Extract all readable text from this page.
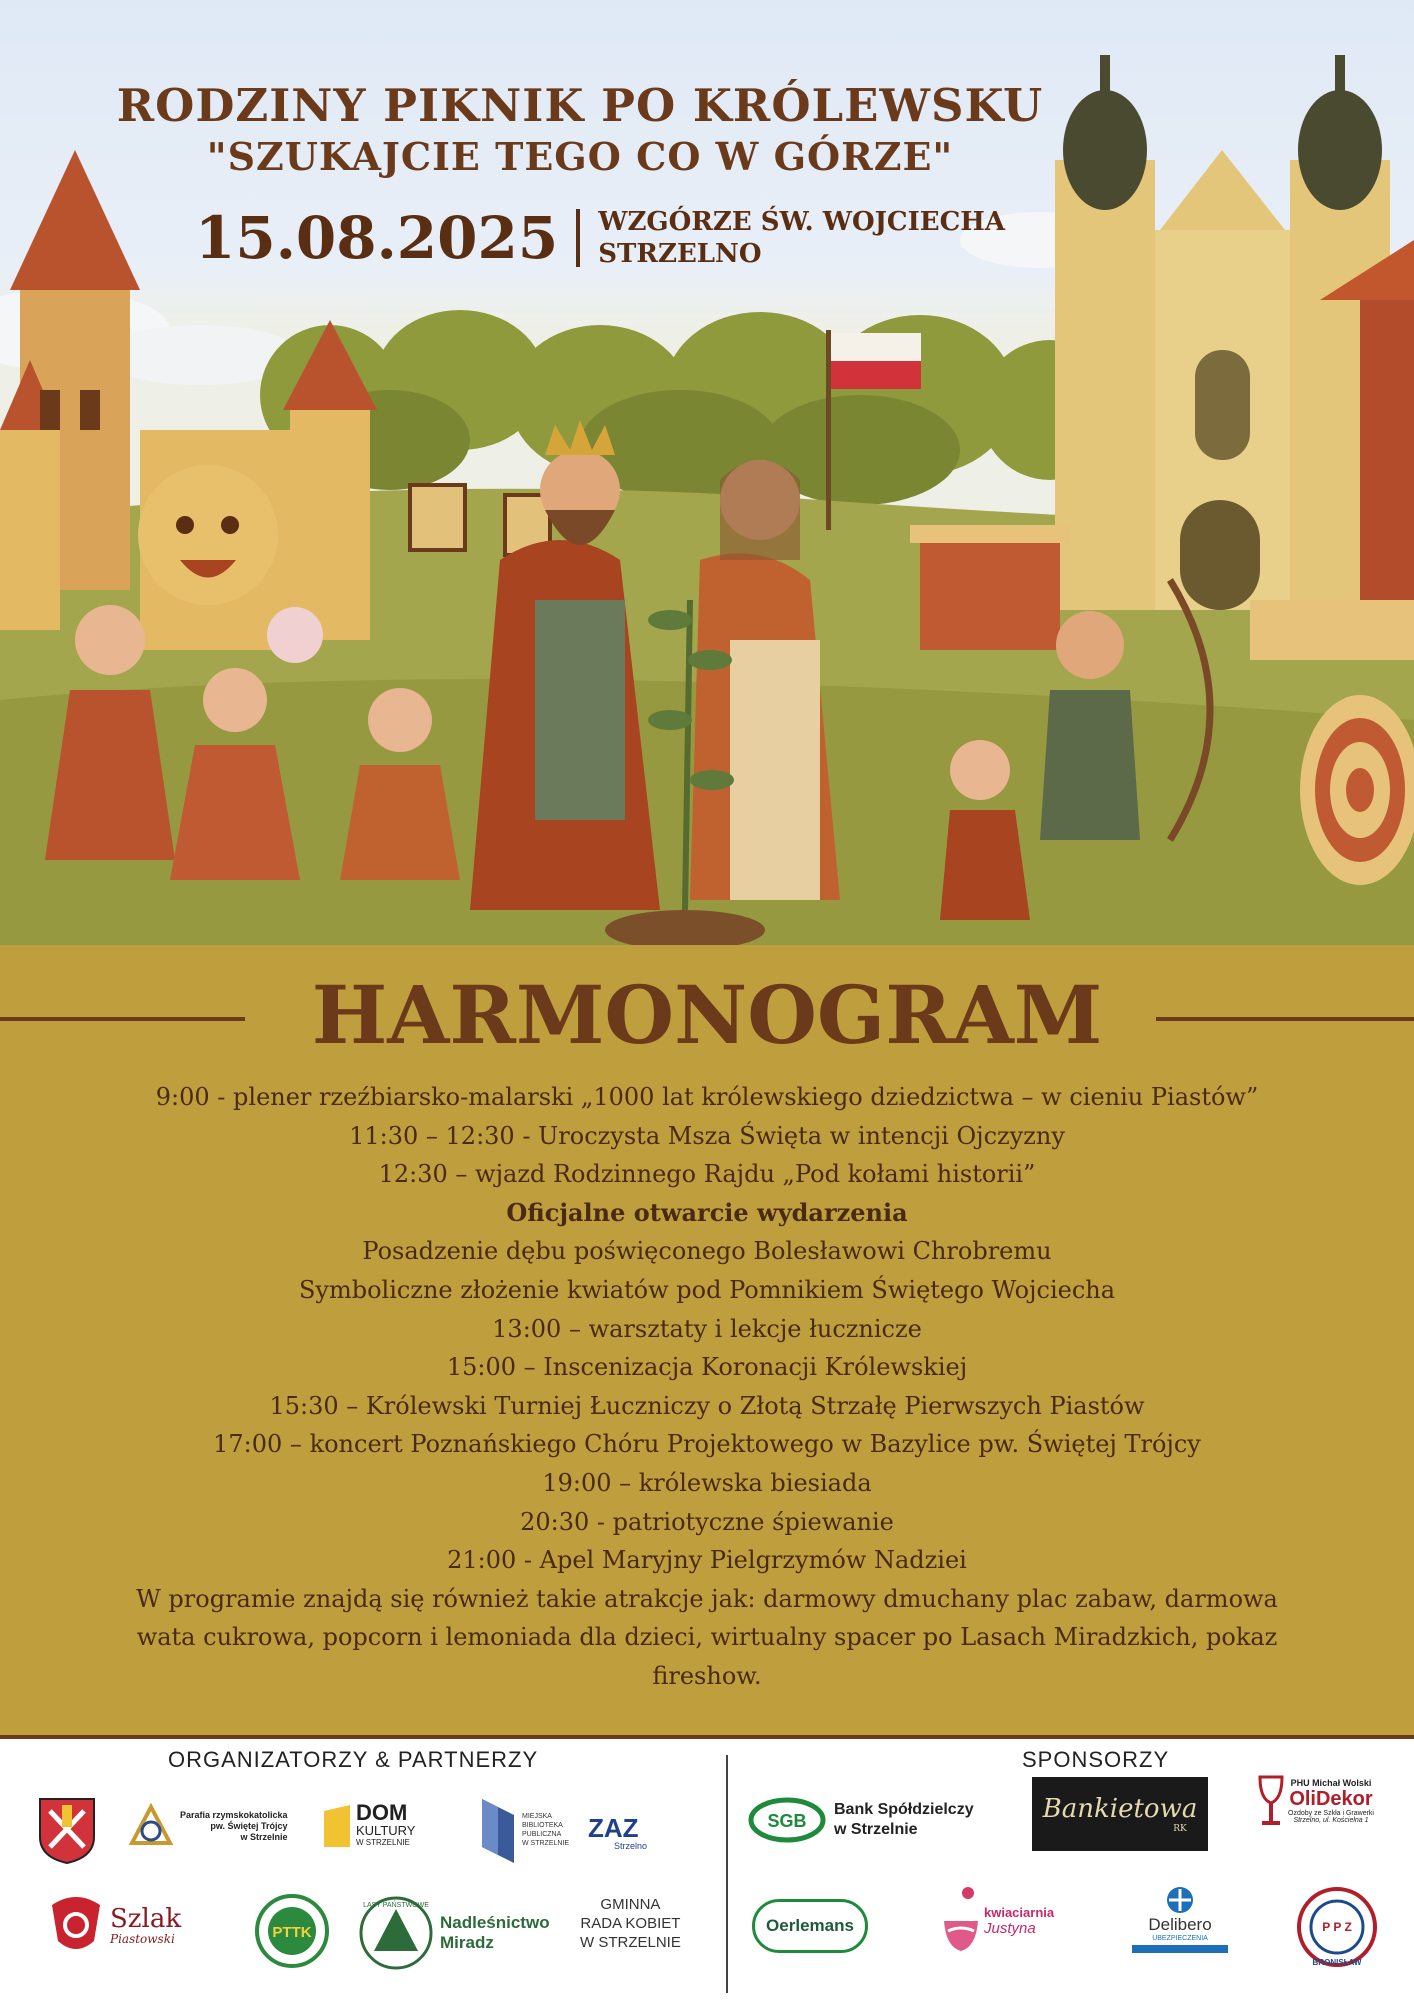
RODZINY PIKNIK PO KRÓLEWSKU
"SZUKAJCIE TEGO CO W GÓRZE"
15.08.2025 WZGÓRZE ŚW. WOJCIECHA
STRZELNO
HARMONOGRAM
9:00 - plener rzeźbiarsko-malarski „1000 lat królewskiego dziedzictwa – w cieniu Piastów”
11:30 – 12:30 - Uroczysta Msza Święta w intencji Ojczyzny
12:30 – wjazd Rodzinnego Rajdu „Pod kołami historii”
Oficjalne otwarcie wydarzenia
Posadzenie dębu poświęconego Bolesławowi Chrobremu
Symboliczne złożenie kwiatów pod Pomnikiem Świętego Wojciecha
13:00 – warsztaty i lekcje łucznicze
15:00 – Inscenizacja Koronacji Królewskiej
15:30 – Królewski Turniej Łuczniczy o Złotą Strzałę Pierwszych Piastów
17:00 – koncert Poznańskiego Chóru Projektowego w Bazylice pw. Świętej Trójcy
19:00 – królewska biesiada
20:30 - patriotyczne śpiewanie
21:00 - Apel Maryjny Pielgrzymów Nadziei
W programie znajdą się również takie atrakcje jak: darmowy dmuchany plac zabaw, darmowa wata cukrowa, popcorn i lemoniada dla dzieci, wirtualny spacer po Lasach Miradzkich, pokaz fireshow.
ORGANIZATORZY & PARTNERZY	SPONSORZY
Parafia rzymskokatolicka
pw. Świętej Trójcy
w Strzelnie
DOM
KULTURY
W STRZELNIE
MIEJSKA
BIBLIOTEKA
PUBLICZNA
W STRZELNIE
ZAZ
Strzelno
Szlak
Piastowski	PTTK
LASY PAŃSTWOWE
Nadleśnictwo
Miradz
GMINNA
RADA KOBIET
W STRZELNIE
SGB
Bank Spółdzielczy
w Strzelnie
Bankietowa
RK
PHU Michał Wolski
OliDekor
Ozdoby ze Szkła i Grawerki
Strzelno, ul. Kościelna 1
Oerlemans
kwiaciarnia
Justyna	Delibero
UBEZPIECZENIA
P P Z
BRONISŁAW
